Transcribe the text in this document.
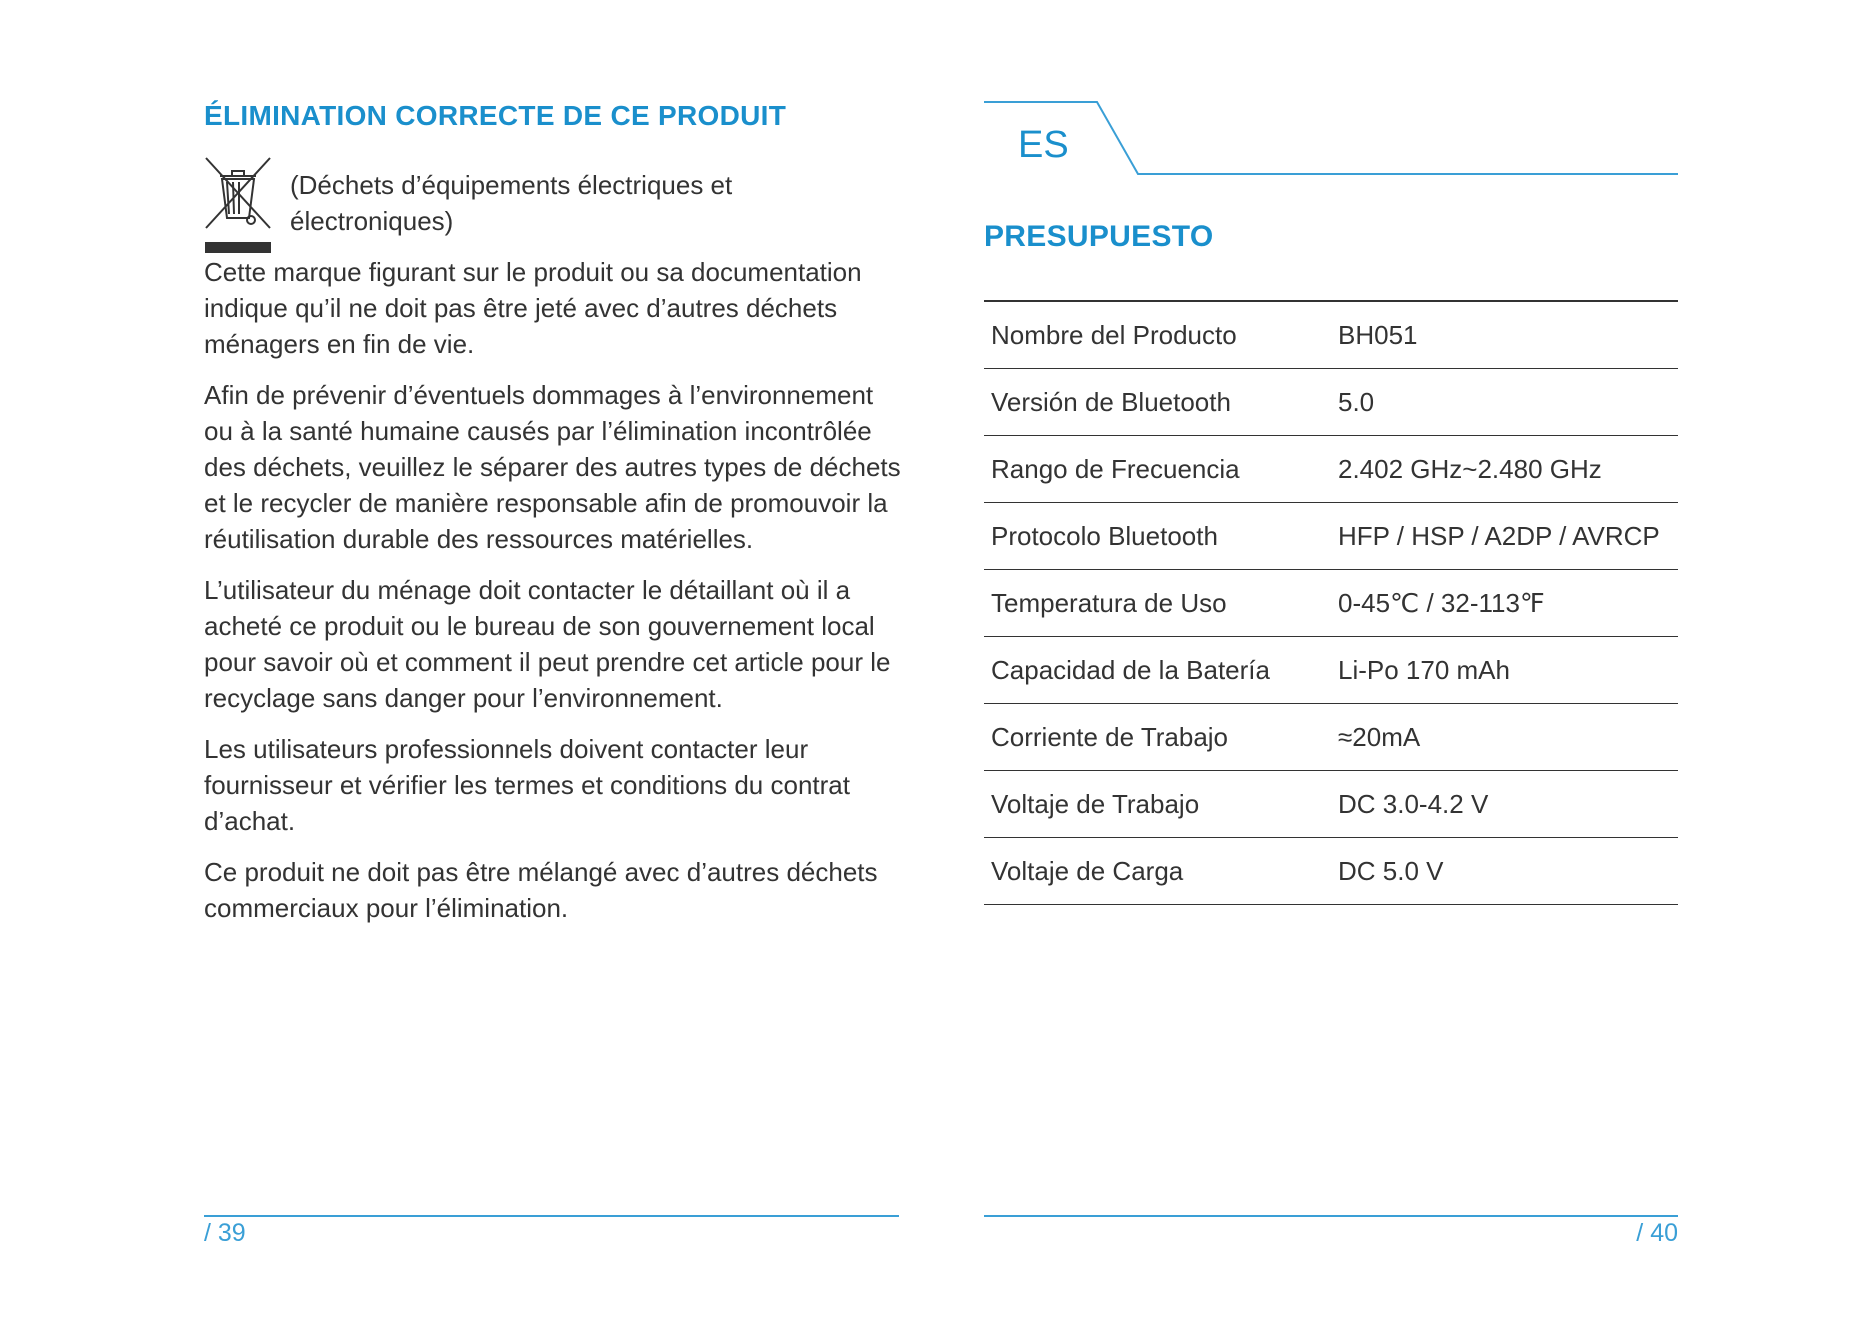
ÉLIMINATION CORRECTE DE CE PRODUIT

(Déchets d’équipements électriques et électroniques)

Cette marque figurant sur le produit ou sa documentation indique qu’il ne doit pas être jeté avec d’autres déchets ménagers en fin de vie.

Afin de prévenir d’éventuels dommages à l’environnement ou à la santé humaine causés par l’élimination incontrôlée des déchets, veuillez le séparer des autres types de déchets et le recycler de manière responsable afin de promouvoir la réutilisation durable des ressources matérielles.

L’utilisateur du ménage doit contacter le détaillant où il a acheté ce produit ou le bureau de son gouvernement local pour savoir où et comment il peut prendre cet article pour le recyclage sans danger pour l’environnement.

Les utilisateurs professionnels doivent contacter leur fournisseur et vérifier les termes et conditions du contrat d’achat.

Ce produit ne doit pas être mélangé avec d’autres déchets commerciaux pour l’élimination.

/ 39
ES
PRESUPUESTO
Nombre del Producto	BH051
Versión de Bluetooth	5.0
Rango de Frecuencia	2.402 GHz~2.480 GHz
Protocolo Bluetooth	HFP / HSP / A2DP / AVRCP
Temperatura de Uso	0-45℃ / 32-113℉
Capacidad de la Batería	Li-Po 170 mAh
Corriente de Trabajo	≈20mA
Voltaje de Trabajo	DC 3.0-4.2 V
Voltaje de Carga	DC 5.0 V
/ 40
